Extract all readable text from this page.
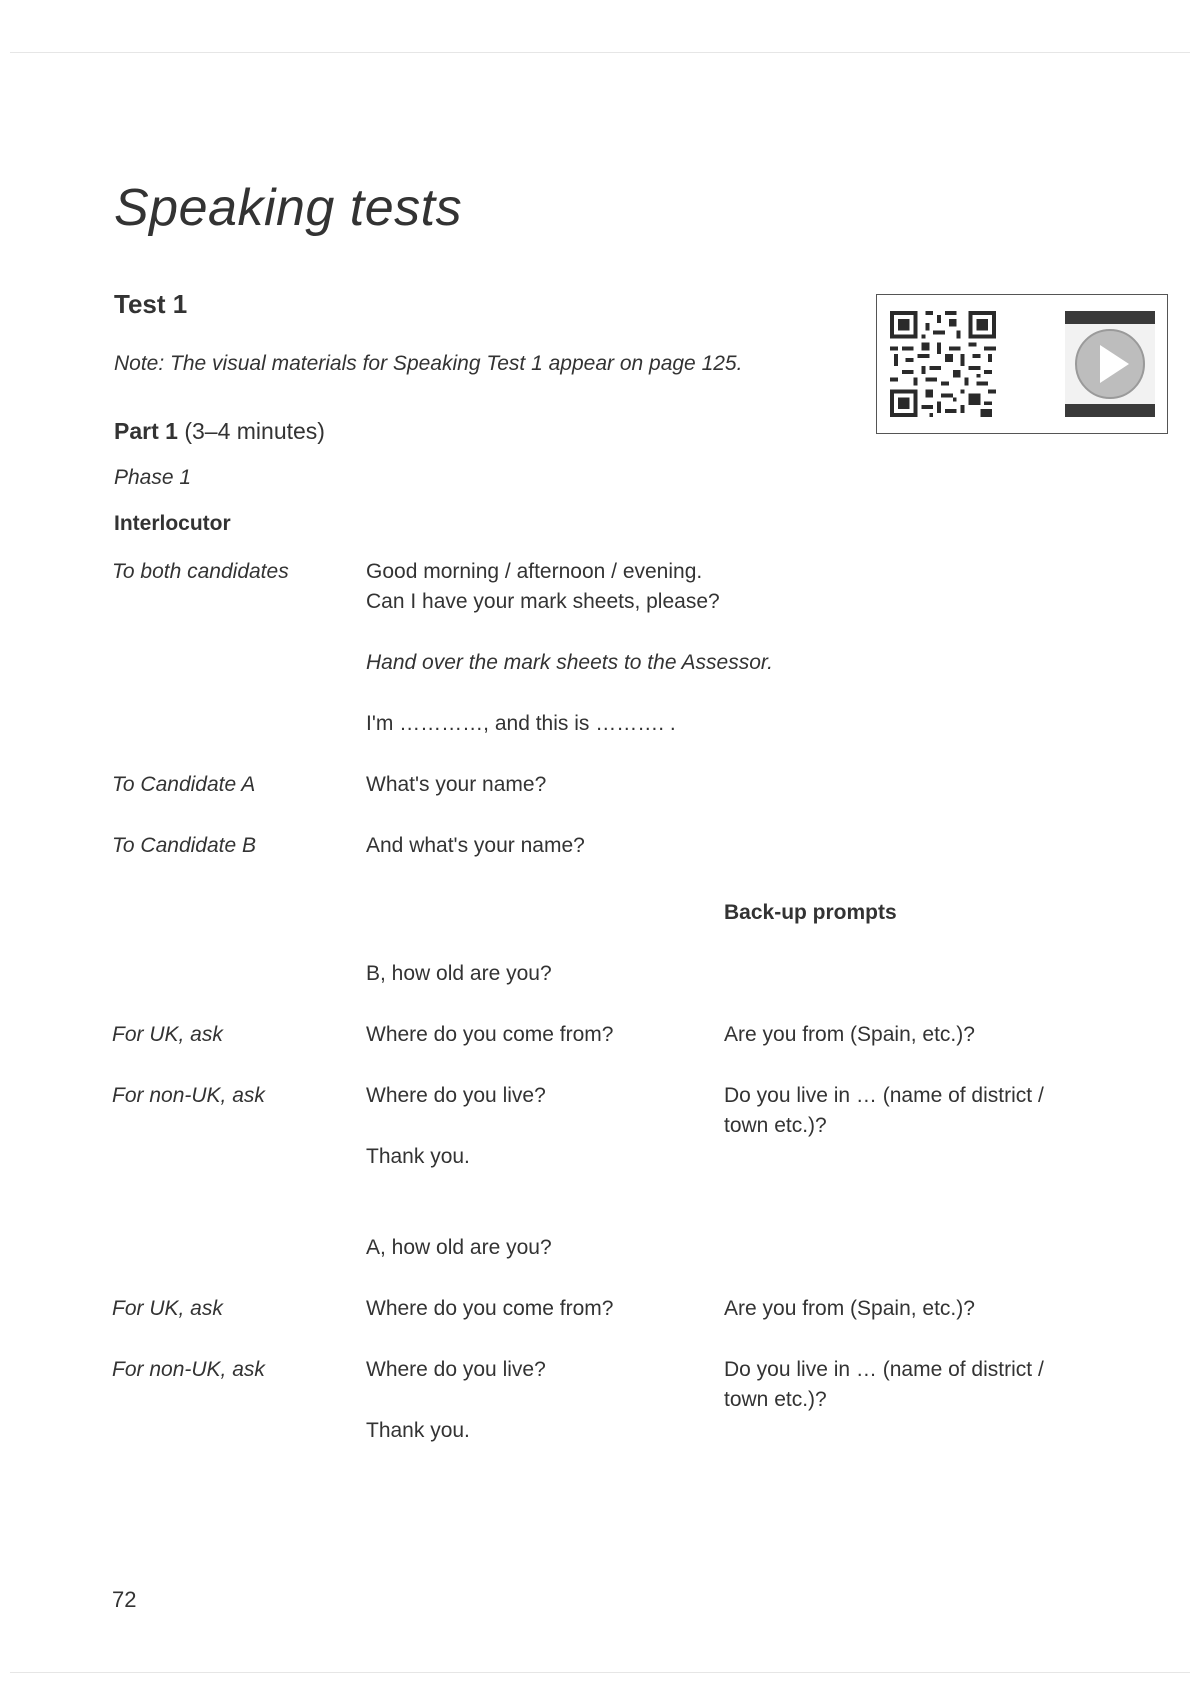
Speaking tests
Test 1
Note: The visual materials for Speaking Test 1 appear on page 125.
Part 1 (3–4 minutes)
Phase 1
Interlocutor
To both candidates	Good morning / afternoon / evening.
Can I have your mark sheets, please?
Hand over the mark sheets to the Assessor.
I'm …………, and this is ………. .
To Candidate A	What's your name?
To Candidate B	And what's your name?
Back-up prompts
B, how old are you?
For UK, ask	Where do you come from?	Are you from (Spain, etc.)?
For non-UK, ask	Where do you live?	Do you live in … (name of district /
town etc.)?
Thank you.
A, how old are you?
For UK, ask	Where do you come from?	Are you from (Spain, etc.)?
For non-UK, ask	Where do you live?	Do you live in … (name of district /
town etc.)?
Thank you.
72
